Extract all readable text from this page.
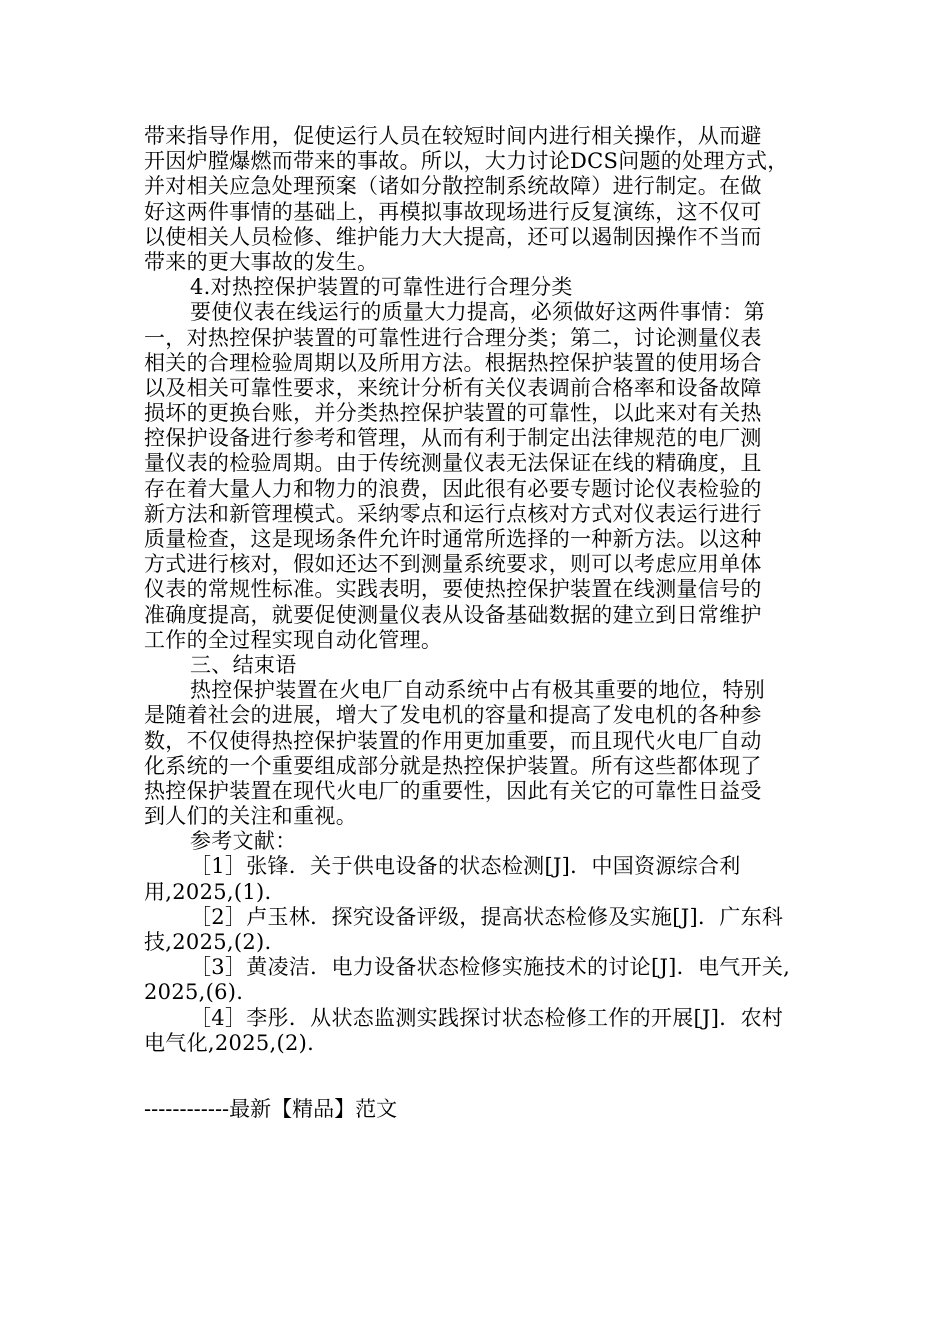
带来指导作用，促使运行人员在较短时间内进行相关操作，从而避
开因炉膛爆燃而带来的事故。所以，大力讨论DCS问题的处理方式，
并对相关应急处理预案（诸如分散控制系统故障）进行制定。在做
好这两件事情的基础上，再模拟事故现场进行反复演练，这不仅可
以使相关人员检修、维护能力大大提高，还可以遏制因操作不当而
带来的更大事故的发生。
4.对热控保护装置的可靠性进行合理分类
要使仪表在线运行的质量大力提高，必须做好这两件事情：第
一，对热控保护装置的可靠性进行合理分类；第二，讨论测量仪表
相关的合理检验周期以及所用方法。根据热控保护装置的使用场合
以及相关可靠性要求，来统计分析有关仪表调前合格率和设备故障
损坏的更换台账，并分类热控保护装置的可靠性，以此来对有关热
控保护设备进行参考和管理，从而有利于制定出法律规范的电厂测
量仪表的检验周期。由于传统测量仪表无法保证在线的精确度，且
存在着大量人力和物力的浪费，因此很有必要专题讨论仪表检验的
新方法和新管理模式。采纳零点和运行点核对方式对仪表运行进行
质量检查，这是现场条件允许时通常所选择的一种新方法。以这种
方式进行核对，假如还达不到测量系统要求，则可以考虑应用单体
仪表的常规性标准。实践表明，要使热控保护装置在线测量信号的
准确度提高，就要促使测量仪表从设备基础数据的建立到日常维护
工作的全过程实现自动化管理。
三、结束语
热控保护装置在火电厂自动系统中占有极其重要的地位，特别
是随着社会的进展，增大了发电机的容量和提高了发电机的各种参
数，不仅使得热控保护装置的作用更加重要，而且现代火电厂自动
化系统的一个重要组成部分就是热控保护装置。所有这些都体现了
热控保护装置在现代火电厂的重要性，因此有关它的可靠性日益受
到人们的关注和重视。
参考文献：
［1］张锋．关于供电设备的状态检测[J]．中国资源综合利
用,2025,(1).
［2］卢玉林．探究设备评级，提高状态检修及实施[J]．广东科
技,2025,(2).
［3］黄凌洁．电力设备状态检修实施技术的讨论[J]．电气开关,
2025,(6).
［4］李彤．从状态监测实践探讨状态检修工作的开展[J]．农村
电气化,2025,(2).
------------最新【精品】范文
